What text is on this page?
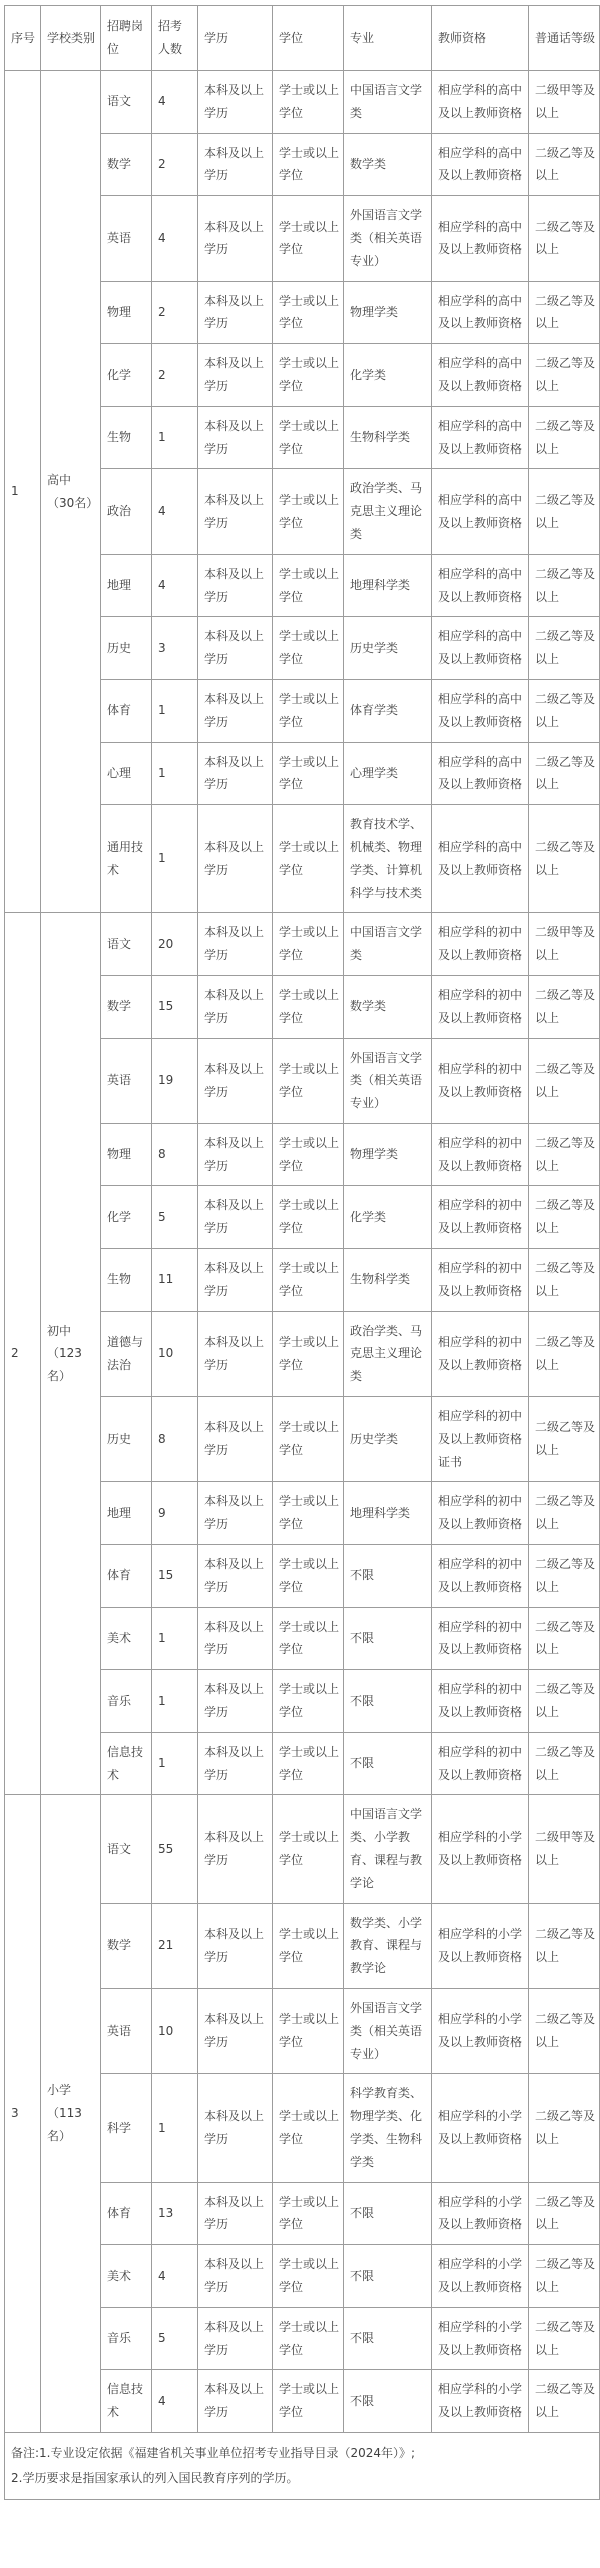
序号	学校类别	招聘岗位	招考人数	学历	学位	专业	教师资格	普通话等级
1	高中（30名）	语文	4	本科及以上学历	学士或以上学位	中国语言文学类	相应学科的高中及以上教师资格	二级甲等及以上
		数学	2	本科及以上学历	学士或以上学位	数学类	相应学科的高中及以上教师资格	二级乙等及以上
		英语	4	本科及以上学历	学士或以上学位	外国语言文学类（相关英语专业）	相应学科的高中及以上教师资格	二级乙等及以上
		物理	2	本科及以上学历	学士或以上学位	物理学类	相应学科的高中及以上教师资格	二级乙等及以上
		化学	2	本科及以上学历	学士或以上学位	化学类	相应学科的高中及以上教师资格	二级乙等及以上
		生物	1	本科及以上学历	学士或以上学位	生物科学类	相应学科的高中及以上教师资格	二级乙等及以上
		政治	4	本科及以上学历	学士或以上学位	政治学类、马克思主义理论类	相应学科的高中及以上教师资格	二级乙等及以上
		地理	4	本科及以上学历	学士或以上学位	地理科学类	相应学科的高中及以上教师资格	二级乙等及以上
		历史	3	本科及以上学历	学士或以上学位	历史学类	相应学科的高中及以上教师资格	二级乙等及以上
		体育	1	本科及以上学历	学士或以上学位	体育学类	相应学科的高中及以上教师资格	二级乙等及以上
		心理	1	本科及以上学历	学士或以上学位	心理学类	相应学科的高中及以上教师资格	二级乙等及以上
		通用技术	1	本科及以上学历	学士或以上学位	教育技术学、机械类、物理学类、计算机科学与技术类	相应学科的高中及以上教师资格	二级乙等及以上
2	初中（123名）	语文	20	本科及以上学历	学士或以上学位	中国语言文学类	相应学科的初中及以上教师资格	二级甲等及以上
		数学	15	本科及以上学历	学士或以上学位	数学类	相应学科的初中及以上教师资格	二级乙等及以上
		英语	19	本科及以上学历	学士或以上学位	外国语言文学类（相关英语专业）	相应学科的初中及以上教师资格	二级乙等及以上
		物理	8	本科及以上学历	学士或以上学位	物理学类	相应学科的初中及以上教师资格	二级乙等及以上
		化学	5	本科及以上学历	学士或以上学位	化学类	相应学科的初中及以上教师资格	二级乙等及以上
		生物	11	本科及以上学历	学士或以上学位	生物科学类	相应学科的初中及以上教师资格	二级乙等及以上
		道德与法治	10	本科及以上学历	学士或以上学位	政治学类、马克思主义理论类	相应学科的初中及以上教师资格	二级乙等及以上
		历史	8	本科及以上学历	学士或以上学位	历史学类	相应学科的初中及以上教师资格证书	二级乙等及以上
		地理	9	本科及以上学历	学士或以上学位	地理科学类	相应学科的初中及以上教师资格	二级乙等及以上
		体育	15	本科及以上学历	学士或以上学位	不限	相应学科的初中及以上教师资格	二级乙等及以上
		美术	1	本科及以上学历	学士或以上学位	不限	相应学科的初中及以上教师资格	二级乙等及以上
		音乐	1	本科及以上学历	学士或以上学位	不限	相应学科的初中及以上教师资格	二级乙等及以上
		信息技术	1	本科及以上学历	学士或以上学位	不限	相应学科的初中及以上教师资格	二级乙等及以上
3	小学（113名）	语文	55	本科及以上学历	学士或以上学位	中国语言文学类、小学教育、课程与教学论	相应学科的小学及以上教师资格	二级甲等及以上
		数学	21	本科及以上学历	学士或以上学位	数学类、小学教育、课程与教学论	相应学科的小学及以上教师资格	二级乙等及以上
		英语	10	本科及以上学历	学士或以上学位	外国语言文学类（相关英语专业）	相应学科的小学及以上教师资格	二级乙等及以上
		科学	1	本科及以上学历	学士或以上学位	科学教育类、物理学类、化学类、生物科学类	相应学科的小学及以上教师资格	二级乙等及以上
		体育	13	本科及以上学历	学士或以上学位	不限	相应学科的小学及以上教师资格	二级乙等及以上
		美术	4	本科及以上学历	学士或以上学位	不限	相应学科的小学及以上教师资格	二级乙等及以上
		音乐	5	本科及以上学历	学士或以上学位	不限	相应学科的小学及以上教师资格	二级乙等及以上
		信息技术	4	本科及以上学历	学士或以上学位	不限	相应学科的小学及以上教师资格	二级乙等及以上

备注:1.专业设定依据《福建省机关事业单位招考专业指导目录（2024年）》;
2.学历要求是指国家承认的列入国民教育序列的学历。								
